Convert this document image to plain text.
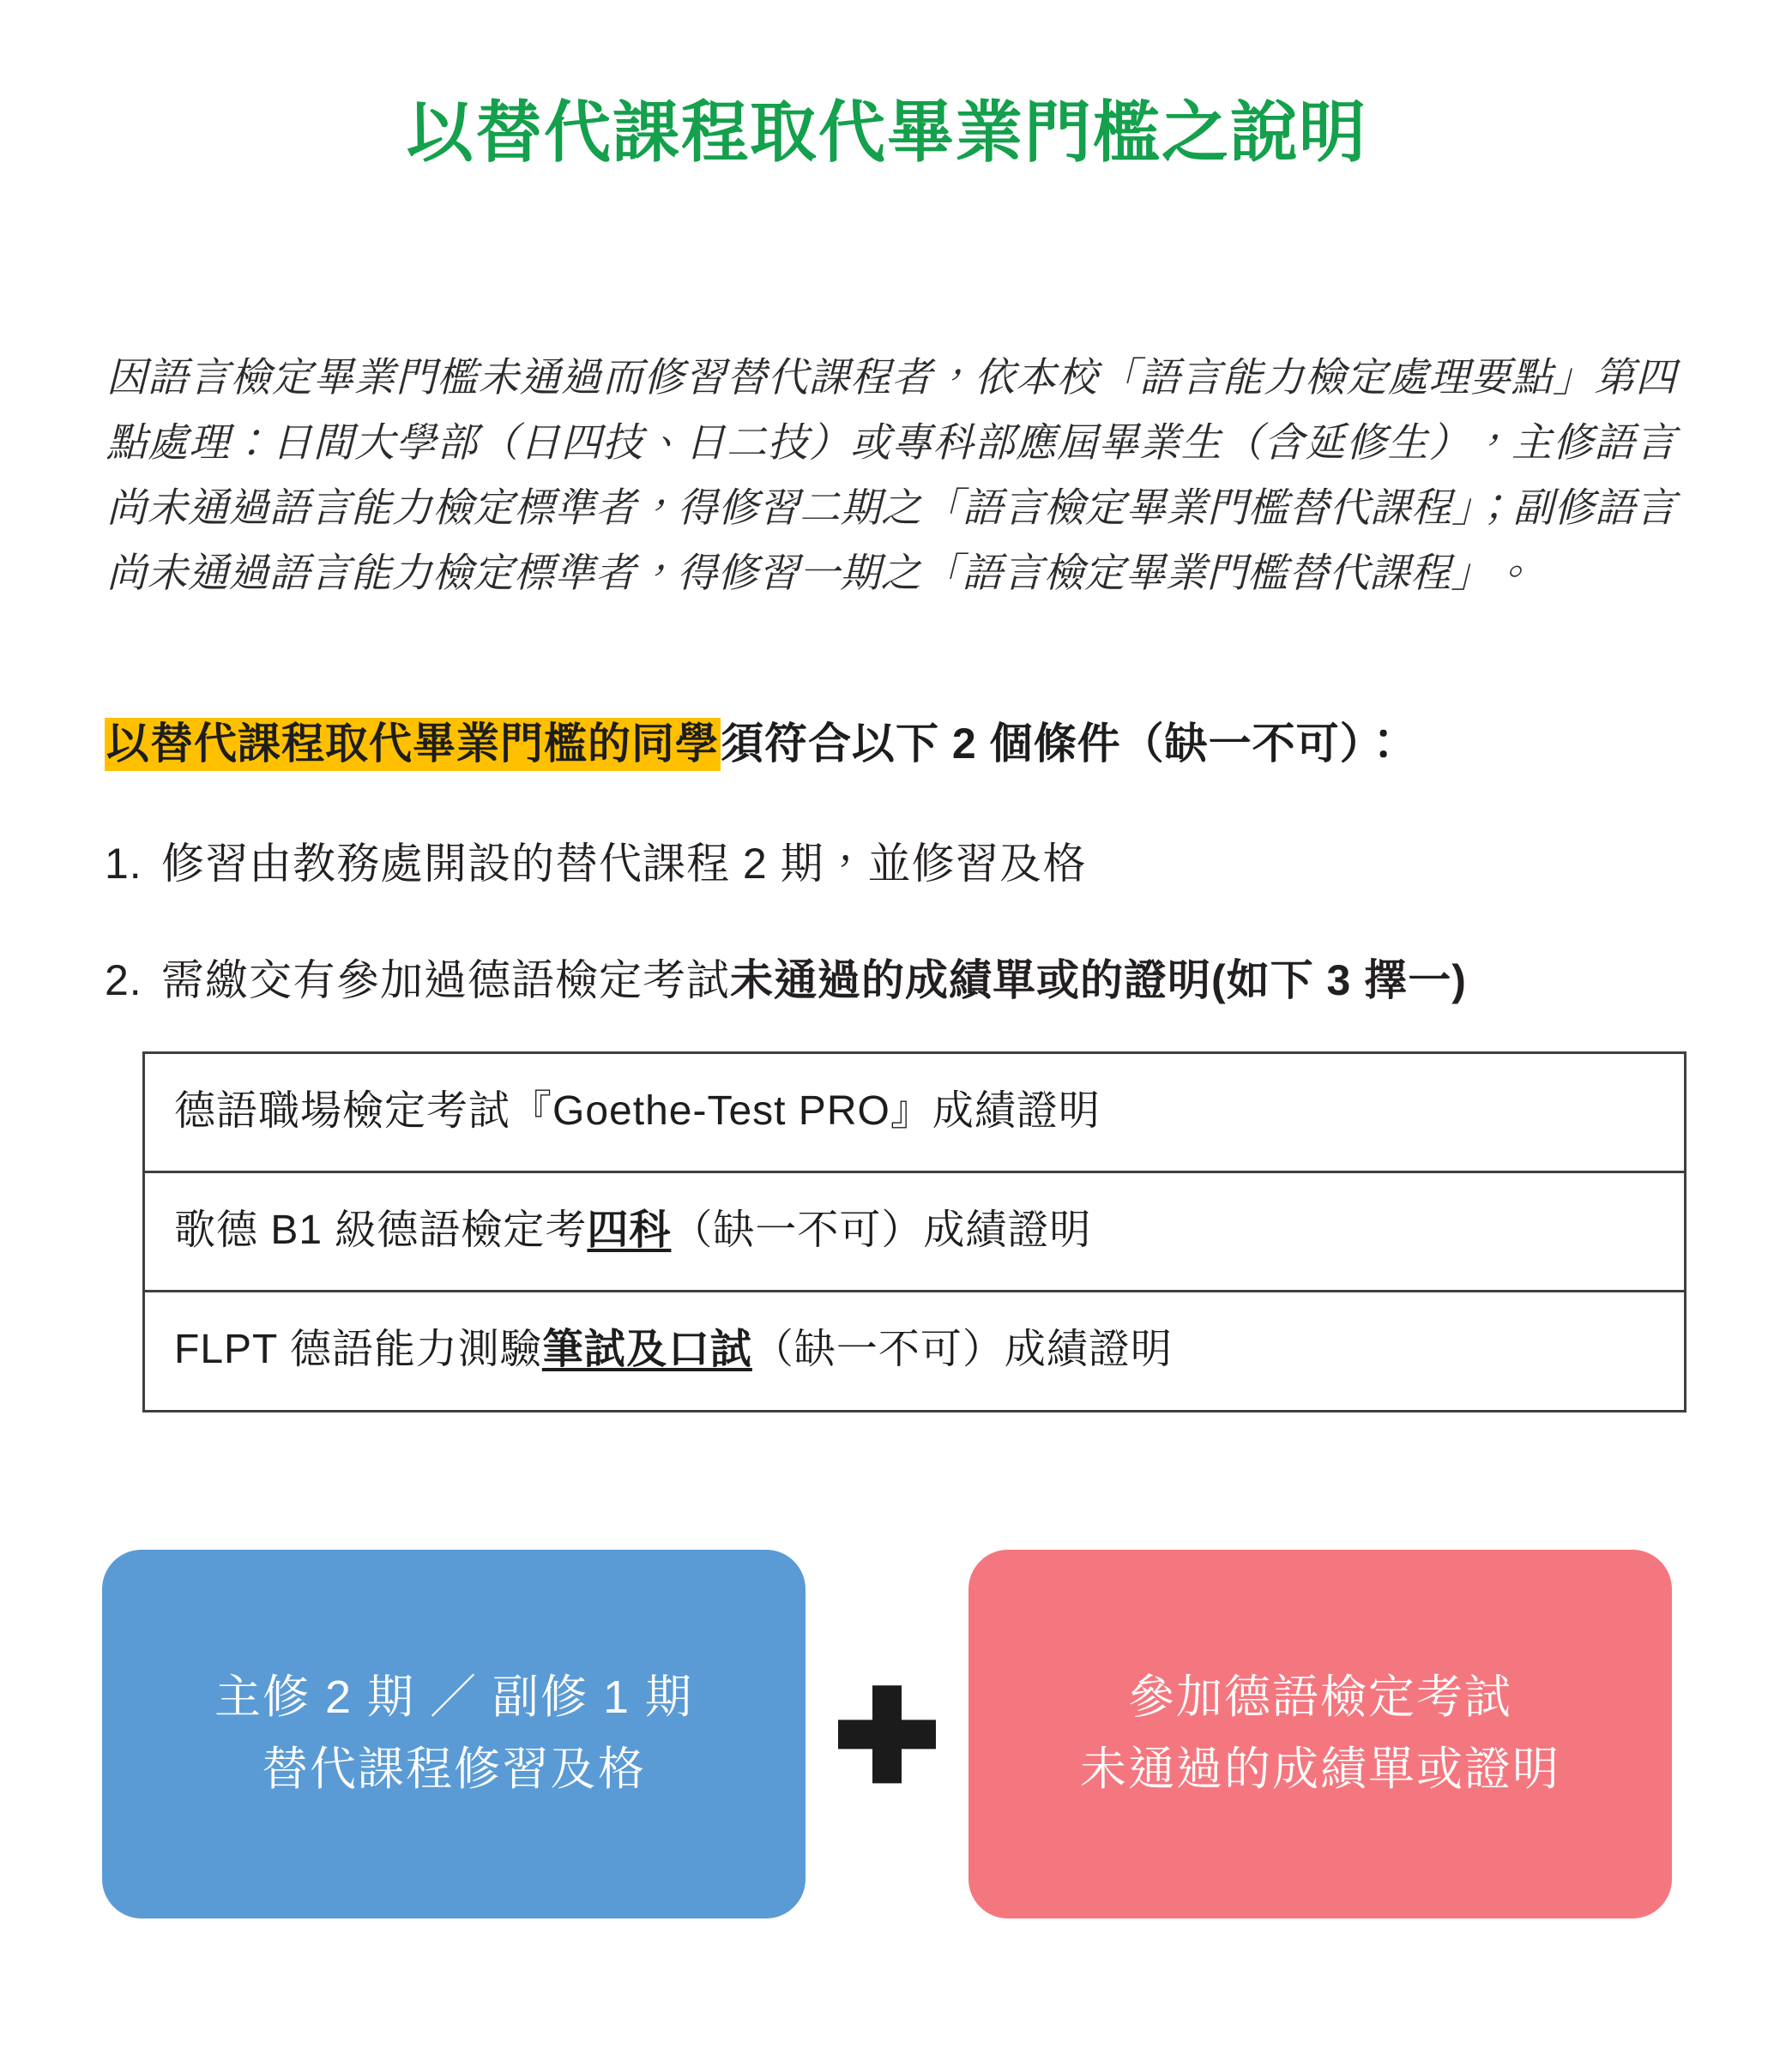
以替代課程取代畢業門檻之說明

因語言檢定畢業門檻未通過而修習替代課程者，依本校「語言能力檢定處理要點」第四點處理：日間大學部（日四技、日二技）或專科部應屆畢業生（含延修生），主修語言尚未通過語言能力檢定標準者，得修習二期之「語言檢定畢業門檻替代課程」；副修語言尚未通過語言能力檢定標準者，得修習一期之「語言檢定畢業門檻替代課程」。

以替代課程取代畢業門檻的同學須符合以下 2 個條件（缺一不可）：
1. 修習由教務處開設的替代課程 2 期，並修習及格
2. 需繳交有參加過德語檢定考試未通過的成績單或的證明(如下 3 擇一)
德語職場檢定考試『Goethe-Test PRO』成績證明
歌德 B1 級德語檢定考四科（缺一不可）成績證明
FLPT 德語能力測驗筆試及口試（缺一不可）成績證明
主修 2 期 ／ 副修 1 期
替代課程修習及格 ✚	參加德語檢定考試
未通過的成績單或證明
